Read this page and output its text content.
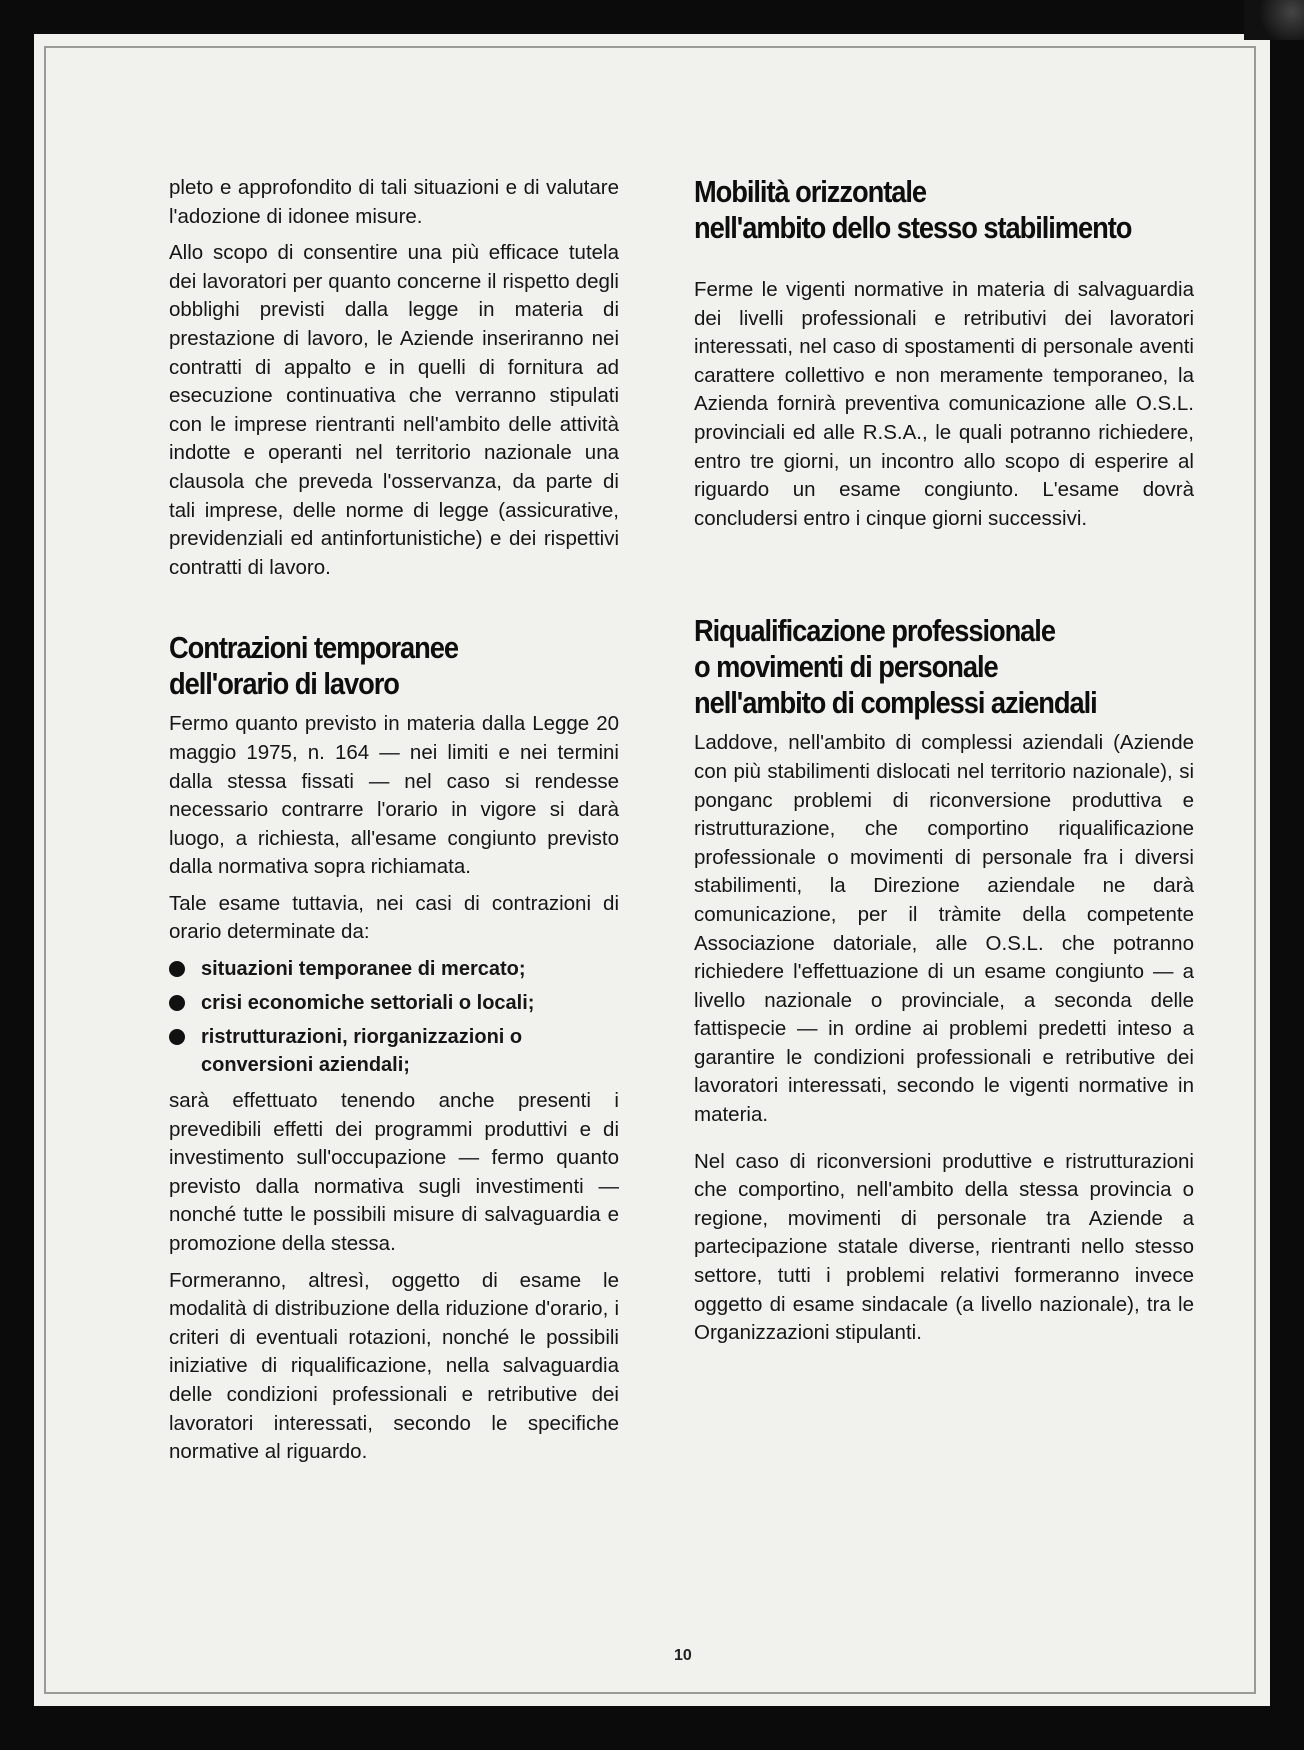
pleto e approfondito di tali situazioni e di valutare l'adozione di idonee misure.

Allo scopo di consentire una più efficace tutela dei lavoratori per quanto concerne il rispetto degli obblighi previsti dalla legge in materia di prestazione di lavoro, le Aziende inseriranno nei contratti di appalto e in quelli di fornitura ad esecuzione continuativa che verranno stipulati con le imprese rientranti nell'ambito delle attività indotte e operanti nel territorio nazionale una clausola che preveda l'osservanza, da parte di tali imprese, delle norme di legge (assicurative, previdenziali ed antinfortunistiche) e dei rispettivi contratti di lavoro.

Contrazioni temporanee
dell'orario di lavoro

Fermo quanto previsto in materia dalla Legge 20 maggio 1975, n. 164 — nei limiti e nei termini dalla stessa fissati — nel caso si rendesse necessario contrarre l'orario in vigore si darà luogo, a richiesta, all'esame congiunto previsto dalla normativa sopra richiamata.

Tale esame tuttavia, nei casi di contrazioni di orario determinate da:

situazioni temporanee di mercato;
crisi economiche settoriali o locali;
ristrutturazioni, riorganizzazioni o conversioni aziendali;

sarà effettuato tenendo anche presenti i prevedibili effetti dei programmi produttivi e di investimento sull'occupazione — fermo quanto previsto dalla normativa sugli investimenti — nonché tutte le possibili misure di salvaguardia e promozione della stessa.

Formeranno, altresì, oggetto di esame le modalità di distribuzione della riduzione d'orario, i criteri di eventuali rotazioni, nonché le possibili iniziative di riqualificazione, nella salvaguardia delle condizioni professionali e retributive dei lavoratori interessati, secondo le specifiche normative al riguardo.

Mobilità orizzontale
nell'ambito dello stesso stabilimento

Ferme le vigenti normative in materia di salvaguardia dei livelli professionali e retributivi dei lavoratori interessati, nel caso di spostamenti di personale aventi carattere collettivo e non meramente temporaneo, la Azienda fornirà preventiva comunicazione alle O.S.L. provinciali ed alle R.S.A., le quali potranno richiedere, entro tre giorni, un incontro allo scopo di esperire al riguardo un esame congiunto. L'esame dovrà concludersi entro i cinque giorni successivi.

Riqualificazione professionale
o movimenti di personale
nell'ambito di complessi aziendali

Laddove, nell'ambito di complessi aziendali (Aziende con più stabilimenti dislocati nel territorio nazionale), si ponganc problemi di riconversione produttiva e ristrutturazione, che comportino riqualificazione professionale o movimenti di personale fra i diversi stabilimenti, la Direzione aziendale ne darà comunicazione, per il tràmite della competente Associazione datoriale, alle O.S.L. che potranno richiedere l'effettuazione di un esame congiunto — a livello nazionale o provinciale, a seconda delle fattispecie — in ordine ai problemi predetti inteso a garantire le condizioni professionali e retributive dei lavoratori interessati, secondo le vigenti normative in materia.

Nel caso di riconversioni produttive e ristrutturazioni che comportino, nell'ambito della stessa provincia o regione, movimenti di personale tra Aziende a partecipazione statale diverse, rientranti nello stesso settore, tutti i problemi relativi formeranno invece oggetto di esame sindacale (a livello nazionale), tra le Organizzazioni stipulanti.

10
